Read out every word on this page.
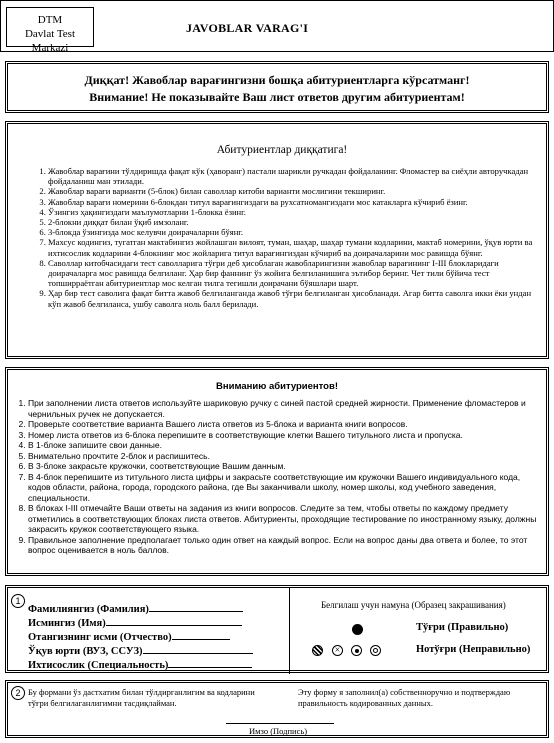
DTM
Davlat Test Markazi
JAVOBLAR VARAG'I
Диққат! Жавоблар варағингизни бошқа абитуриентларга кўрсатманг!
Внимание! Не показывайте Ваш лист ответов другим абитуриентам!
Абитуриентлар диққатига!
1. Жавоблар варағини тўлдиришда фақат кўк (ҳаворанг) пастали шарикли ручкадан фойдаланинг. Фломастер ва сиёҳли авторучкадан фойдаланиш ман этилади.
2. Жавоблар варағи варианти (5-блок) билан саволлар китоби варианти мослигини текширинг.
3. Жавоблар варағи номерини 6-блокдан титул варағингиздаги ва рухсатномангиздаги мос катакларга кўчириб ёзинг.
4. Ўзингиз ҳақингиздаги маълумотларни 1-блокка ёзинг.
5. 2-блокни диққат билан ўқиб имзоланг.
6. 3-блокда ўзингизда мос келувчи доирачаларни бўянг.
7. Махсус кодингиз, тугатган мактабингиз жойлашган вилоят, туман, шаҳар, шаҳар тумани кодларини, мактаб номерини, ўқув юрти ва ихтисослик кодларини 4-блокнинг мос жойларига титул варағингиздан кўчириб ва доирачаларини мос равишда бўянг.
8. Саволлар китобчасидаги тест саволларига тўғри деб ҳисоблаган жавобларингизни жавоблар варағининг I-III блокларидаги доирачаларга мос равишда белгиланг. Ҳар бир фаннинг ўз жойига белгиланишига эътибор беринг. Чет тили бўйича тест топширраётган абитуриентлар мос келган тилга тегишли доирачани бўяшлари шарт.
9. Ҳар бир тест саволига фақат битта жавоб белгиланганда жавоб тўғри белгиланган ҳисобланади. Агар битта саволга икки ёки ундан кўп жавоб белгиланса, ушбу саволга ноль балл берилади.
Вниманию абитуриентов!
1. При заполнении листа ответов используйте шариковую ручку с синей пастой средней жирности. Применение фломастеров и чернильных ручек не допускается.
2. Проверьте соответствие варианта Вашего листа ответов из 5-блока и варианта книги вопросов.
3. Номер листа ответов из 6-блока перепишите в соответствующие клетки Вашего титульного листа и пропуска.
4. В 1-блоке запишите свои данные.
5. Внимательно прочтите 2-блок и распишитесь.
6. В 3-блоке закрасьте кружочки, соответствующие Вашим данным.
7. В 4-блок перепишите из титульного листа цифры и закрасьте соответствующие им кружочки Вашего индивидуального кода, кодов области, района, города, городского района, где Вы заканчивали школу, номер школы, код учебного заведения, специальности.
8. В блоках I-III отмечайте Ваши ответы на задания из книги вопросов. Следите за тем, чтобы ответы по каждому предмету отметились в соответствующих блоках листа ответов. Абитуриенты, проходящие тестирование по иностранному языку, должны закрасить кружок соответствующего языка.
9. Правильное заполнение предполагает только один ответ на каждый вопрос. Если на вопрос даны два ответа и более, то этот вопрос оценивается в ноль баллов.
1
Фамилиянгиз (Фамилия)
Исмингиз (Имя)
Отангизнинг исми (Отчество)
Ўқув юрти (ВУЗ, ССУЗ)
Ихтисослик (Специальность)
Белгилаш учун намуна (Образец закрашивания)
Тўғри (Правильно)
×	Нотўғри (Неправильно)
2 Бу формани ўз дастхатим билан тўлдирганлигим ва кодларини тўғри белгилаганлигимни тасдиқлайман.
Эту форму я заполнил(а) собственноручно и подтверждаю правильность кодированных данных.
Имзо (Подпись)
